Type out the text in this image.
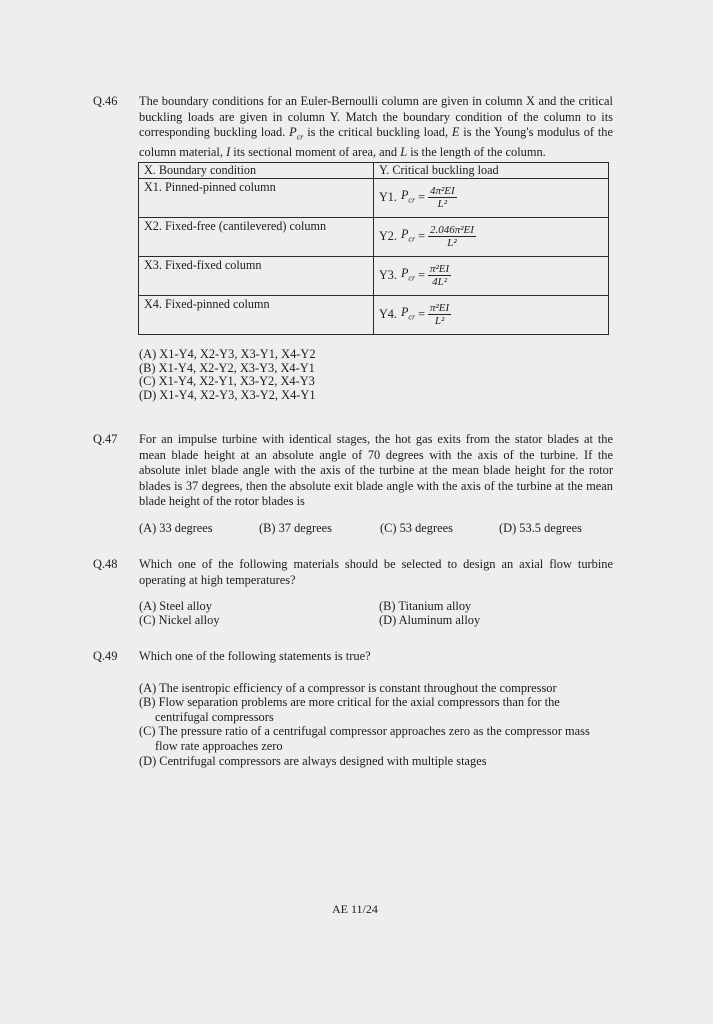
Q.46	The boundary conditions for an Euler-Bernoulli column are given in column X and the critical buckling loads are given in column Y. Match the boundary condition of the column to its corresponding buckling load. $P_{cr}$ is the critical buckling load, E is the Young's modulus of the column material, I its sectional moment of area, and L is the length of the column.
X. Boundary condition	Y. Critical buckling load
X1. Pinned-pinned column	Y1. $P_{cr} = \frac{\text{4π²EI}}{\text{L²}}$

X2. Fixed-free (cantilevered) column	Y2. $P_{cr} = \frac{\text{2.046π²EI}}{\text{L²}}$

X3. Fixed-fixed column	Y3. $P_{cr} = \frac{\text{π²EI}}{\text{4L²}}$

X4. Fixed-pinned column	Y4. $P_{cr} = \frac{\text{π²EI}}{\text{L²}}$
(A) X1-Y4, X2-Y3, X3-Y1, X4-Y2
(B) X1-Y4, X2-Y2, X3-Y3, X4-Y1
(C) X1-Y4, X2-Y1, X3-Y2, X4-Y3
(D) X1-Y4, X2-Y3, X3-Y2, X4-Y1
Q.47	For an impulse turbine with identical stages, the hot gas exits from the stator blades at the mean blade height at an absolute angle of 70 degrees with the axis of the turbine. If the absolute inlet blade angle with the axis of the turbine at the mean blade height for the rotor blades is 37 degrees, then the absolute exit blade angle with the axis of the turbine at the mean blade height of the rotor blades is
(A) 33 degrees	(B) 37 degrees	(C) 53 degrees	(D) 53.5 degrees
Q.48	Which one of the following materials should be selected to design an axial flow turbine operating at high temperatures?
(A) Steel alloy	(B) Titanium alloy
(C) Nickel alloy	(D) Aluminum alloy
Q.49	Which one of the following statements is true?
(A) The isentropic efficiency of a compressor is constant throughout the compressor
(B) Flow separation problems are more critical for the axial compressors than for the centrifugal compressors
(C) The pressure ratio of a centrifugal compressor approaches zero as the compressor mass flow rate approaches zero
(D) Centrifugal compressors are always designed with multiple stages
AE 11/24
